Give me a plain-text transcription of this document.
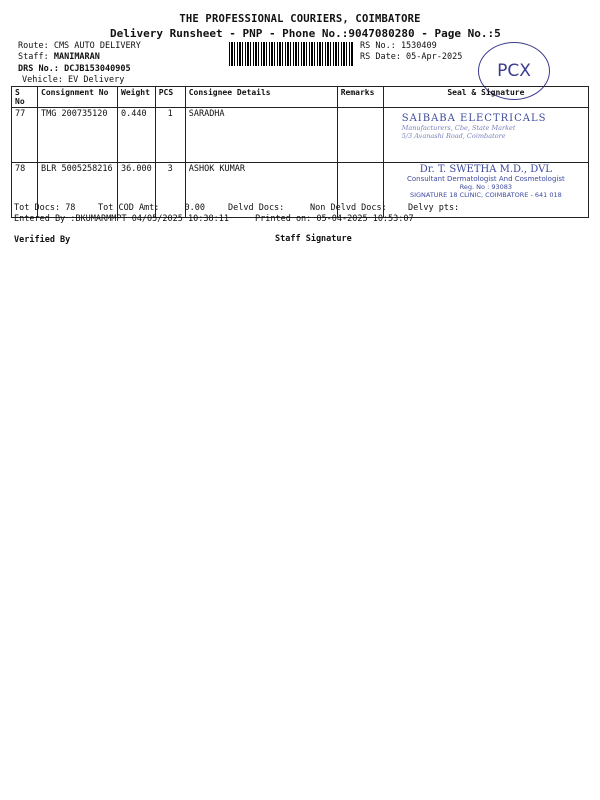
THE PROFESSIONAL COURIERS, COIMBATORE
Delivery Runsheet - PNP - Phone No.:9047080280 - Page No.:5
Route: CMS AUTO DELIVERY
Staff: MANIMARAN
DRS No.: DCJB153040905
Vehicle: EV Delivery
RS No.: 1530409
RS Date: 05-Apr-2025
PCX
S No	Consignment No	Weight	PCS	Consignee Details	Remarks	Seal & Signature
77	TMG 200735120	0.440	1	SARADHA		SAIBABA ELECTRICALS
Manufacturers, Cbe, State Market
5/3 Avanashi Road, Coimbatore

78	BLR 5005258216	36.000	3	ASHOK KUMAR		Dr. T. SWETHA M.D., DVL
Consultant Dermatologist And Cosmetologist
Reg. No : 93083
SIGNATURE 18 CLINIC, COIMBATORE - 641 018
Tot Docs: 78	Tot COD Amt:	0.00	Delvd Docs:	Non Delvd Docs: Delvy pts:
Entered By :BKUMARMMPT 04/05/2025 10:38:11	Printed on: 05-04-2025 10:53:07
Verified By	Staff Signature
